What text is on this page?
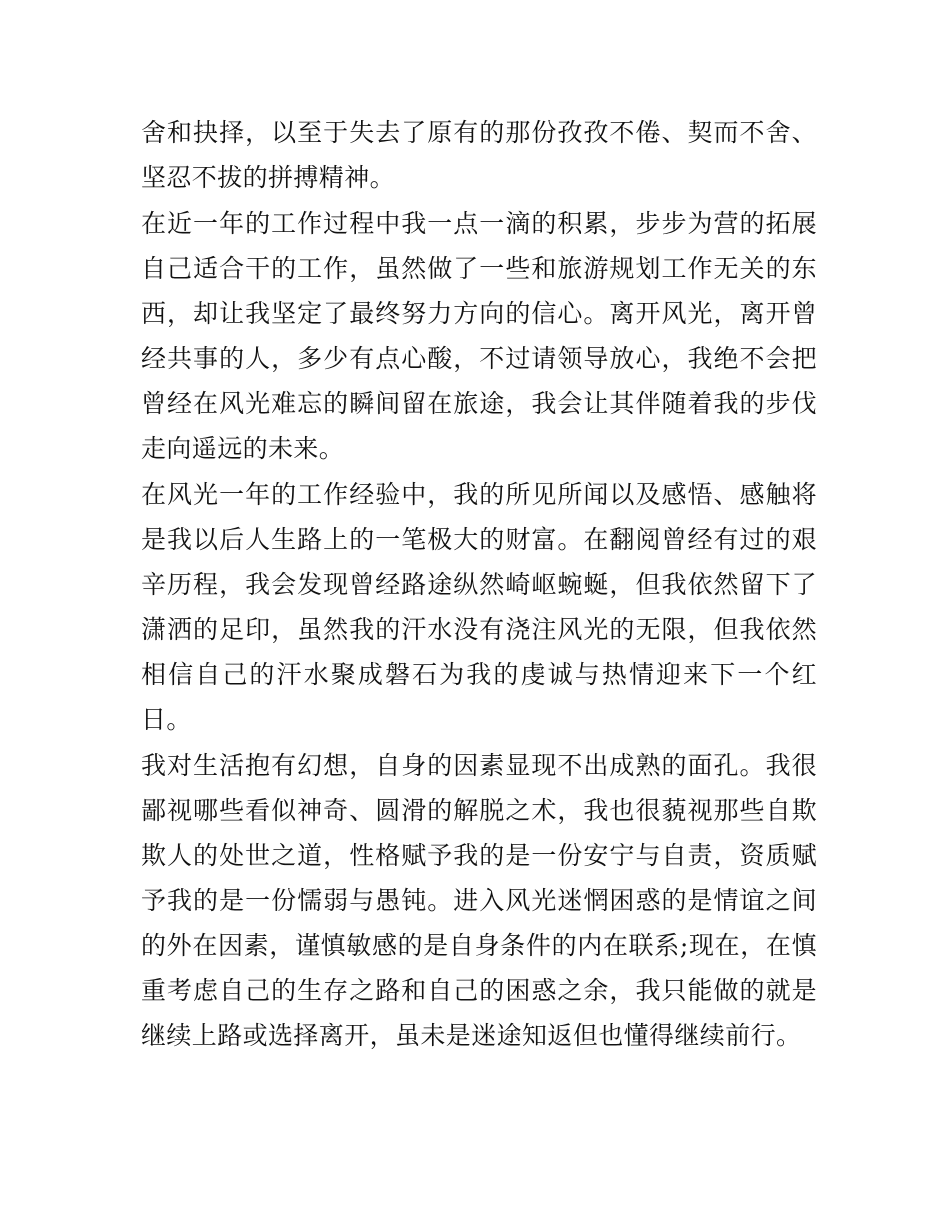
舍和抉择，以至于失去了原有的那份孜孜不倦、契而不舍、坚忍不拔的拼搏精神。

在近一年的工作过程中我一点一滴的积累，步步为营的拓展自己适合干的工作，虽然做了一些和旅游规划工作无关的东西，却让我坚定了最终努力方向的信心。离开风光，离开曾经共事的人，多少有点心酸，不过请领导放心，我绝不会把曾经在风光难忘的瞬间留在旅途，我会让其伴随着我的步伐走向遥远的未来。

在风光一年的工作经验中，我的所见所闻以及感悟、感触将是我以后人生路上的一笔极大的财富。在翻阅曾经有过的艰辛历程，我会发现曾经路途纵然崎岖蜿蜒，但我依然留下了潇洒的足印，虽然我的汗水没有浇注风光的无限，但我依然相信自己的汗水聚成磐石为我的虔诚与热情迎来下一个红日。

我对生活抱有幻想，自身的因素显现不出成熟的面孔。我很鄙视哪些看似神奇、圆滑的解脱之术，我也很藐视那些自欺欺人的处世之道，性格赋予我的是一份安宁与自责，资质赋予我的是一份懦弱与愚钝。进入风光迷惘困惑的是情谊之间的外在因素，谨慎敏感的是自身条件的内在联系;现在，在慎重考虑自己的生存之路和自己的困惑之余，我只能做的就是继续上路或选择离开，虽未是迷途知返但也懂得继续前行。
